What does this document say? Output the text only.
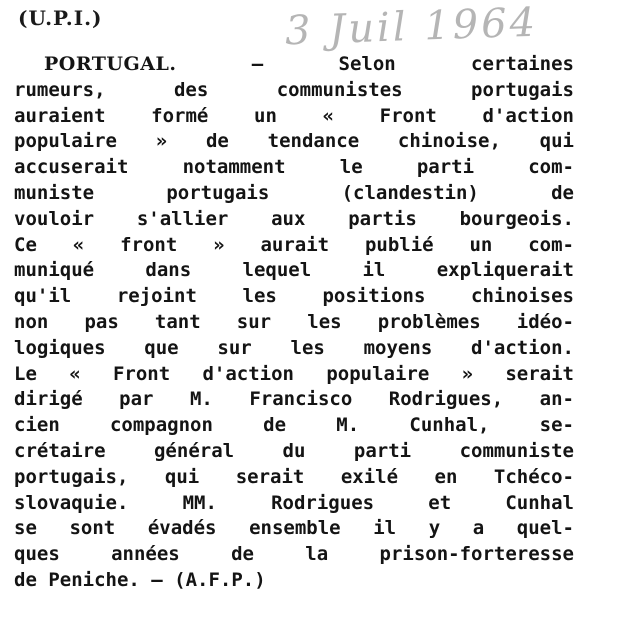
(U.P.I.)	3 Juil 1964
PORTUGAL. — Selon certaines
rumeurs, des communistes portugais
auraient formé un « Front d'action
populaire » de tendance chinoise, qui
accuserait notamment le parti com-
muniste portugais (clandestin) de
vouloir s'allier aux partis bourgeois.
Ce « front » aurait publié un com-
muniqué dans lequel il expliquerait
qu'il rejoint les positions chinoises
non pas tant sur les problèmes idéo-
logiques que sur les moyens d'action.
Le « Front d'action populaire » serait
dirigé par M. Francisco Rodrigues, an-
cien compagnon de M. Cunhal, se-
crétaire général du parti communiste
portugais, qui serait exilé en Tchéco-
slovaquie. MM. Rodrigues et Cunhal
se sont évadés ensemble il y a quel-
ques années de la prison-forteresse
de Peniche. — (A.F.P.)
